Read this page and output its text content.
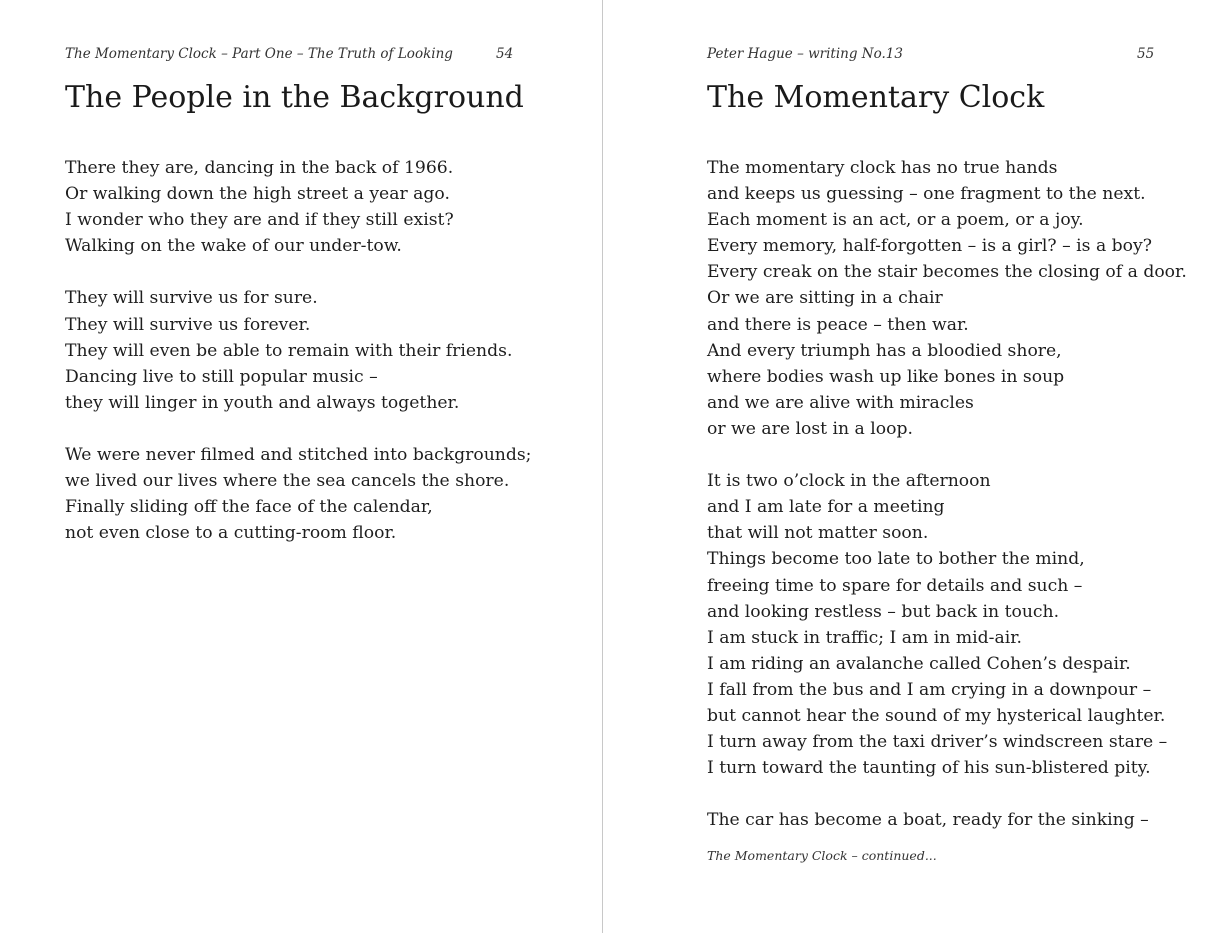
The Momentary Clock – Part One – The Truth of Looking	54
The People in the Background
There they are, dancing in the back of 1966.
Or walking down the high street a year ago.
I wonder who they are and if they still exist?
Walking on the wake of our under-tow.
They will survive us for sure.
They will survive us forever.
They will even be able to remain with their friends.
Dancing live to still popular music –
they will linger in youth and always together.
We were never filmed and stitched into backgrounds;
we lived our lives where the sea cancels the shore.
Finally sliding off the face of the calendar,
not even close to a cutting-room floor.
Peter Hague – writing No.13	55
The Momentary Clock
The momentary clock has no true hands
and keeps us guessing – one fragment to the next.
Each moment is an act, or a poem, or a joy.
Every memory, half-forgotten – is a girl? – is a boy?
Every creak on the stair becomes the closing of a door.
Or we are sitting in a chair
and there is peace – then war.
And every triumph has a bloodied shore,
where bodies wash up like bones in soup
and we are alive with miracles
or we are lost in a loop.
It is two o’clock in the afternoon
and I am late for a meeting
that will not matter soon.
Things become too late to bother the mind,
freeing time to spare for details and such –
and looking restless – but back in touch.
I am stuck in traffic; I am in mid-air.
I am riding an avalanche called Cohen’s despair.
I fall from the bus and I am crying in a downpour –
but cannot hear the sound of my hysterical laughter.
I turn away from the taxi driver’s windscreen stare –
I turn toward the taunting of his sun-blistered pity.
The car has become a boat, ready for the sinking –
The Momentary Clock – continued...
